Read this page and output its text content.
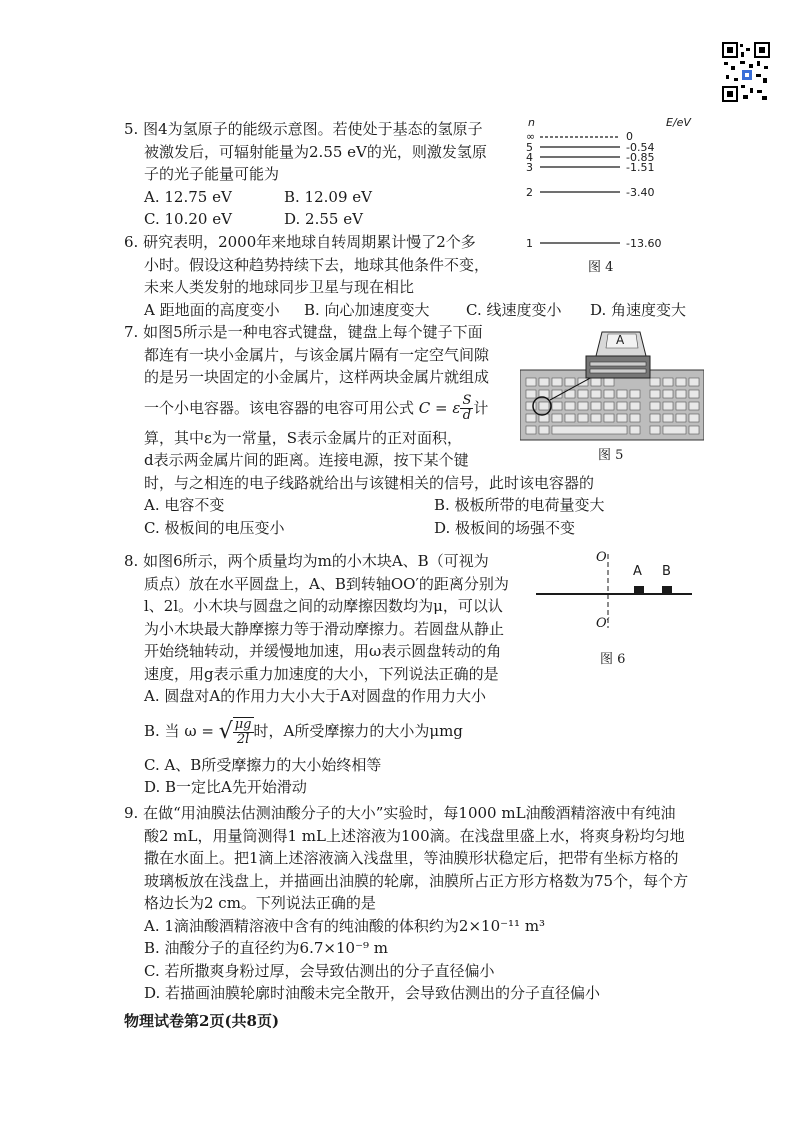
5. 图4为氢原子的能级示意图。若使处于基态的氢原子
被激发后，可辐射能量为2.55 eV的光，则激发氢原
子的光子能量可能为
A. 12.75 eV	B. 12.09 eV
C. 10.20 eV	D. 2.55 eV
n	E/eV
∞	0
5	-0.54
4	-0.85
3	-1.51
2	-3.40
1	-13.60
图 4
6. 研究表明，2000年来地球自转周期累计慢了2个多
小时。假设这种趋势持续下去，地球其他条件不变，
未来人类发射的地球同步卫星与现在相比
A 距地面的高度变小 B. 向心加速度变大 C. 线速度变小 D. 角速度变大
7. 如图5所示是一种电容式键盘，键盘上每个键子下面
都连有一块小金属片，与该金属片隔有一定空气间隙
的是另一块固定的小金属片，这样两块金属片就组成
一个小电容器。该电容器的电容可用公式 C = ε $\frac{S}{d}$ 计
算，其中ε为一常量，S表示金属片的正对面积，
d表示两金属片间的距离。连接电源，按下某个键
时，与之相连的电子线路就给出与该键相关的信号，此时该电容器的
A. 电容不变	B. 极板所带的电荷量变大
C. 极板间的电压变小	D. 极板间的场强不变
A
图 5
8. 如图6所示，两个质量均为m的小木块A、B（可视为
质点）放在水平圆盘上，A、B到转轴OO′的距离分别为
l、2l。小木块与圆盘之间的动摩擦因数均为μ，可以认
为小木块最大静摩擦力等于滑动摩擦力。若圆盘从静止
开始绕轴转动，并缓慢地加速，用ω表示圆盘转动的角
速度，用g表示重力加速度的大小，下列说法正确的是
A. 圆盘对A的作用力大小大于A对圆盘的作用力大小
B. 当 ω = √ $\frac{\mu g}{2l}$ 时，A所受摩擦力的大小为μmg
C. A、B所受摩擦力的大小始终相等
D. B一定比A先开始滑动
O
O′
A B
图 6
9. 在做“用油膜法估测油酸分子的大小”实验时，每1000 mL油酸酒精溶液中有纯油
酸2 mL，用量筒测得1 mL上述溶液为100滴。在浅盘里盛上水，将爽身粉均匀地
撒在水面上。把1滴上述溶液滴入浅盘里，等油膜形状稳定后，把带有坐标方格的
玻璃板放在浅盘上，并描画出油膜的轮廓，油膜所占正方形方格数为75个，每个方
格边长为2 cm。下列说法正确的是
A. 1滴油酸酒精溶液中含有的纯油酸的体积约为2×10⁻¹¹ m³
B. 油酸分子的直径约为6.7×10⁻⁹ m
C. 若所撒爽身粉过厚，会导致估测出的分子直径偏小
D. 若描画油膜轮廓时油酸未完全散开，会导致估测出的分子直径偏小
物理试卷第2页(共8页)
